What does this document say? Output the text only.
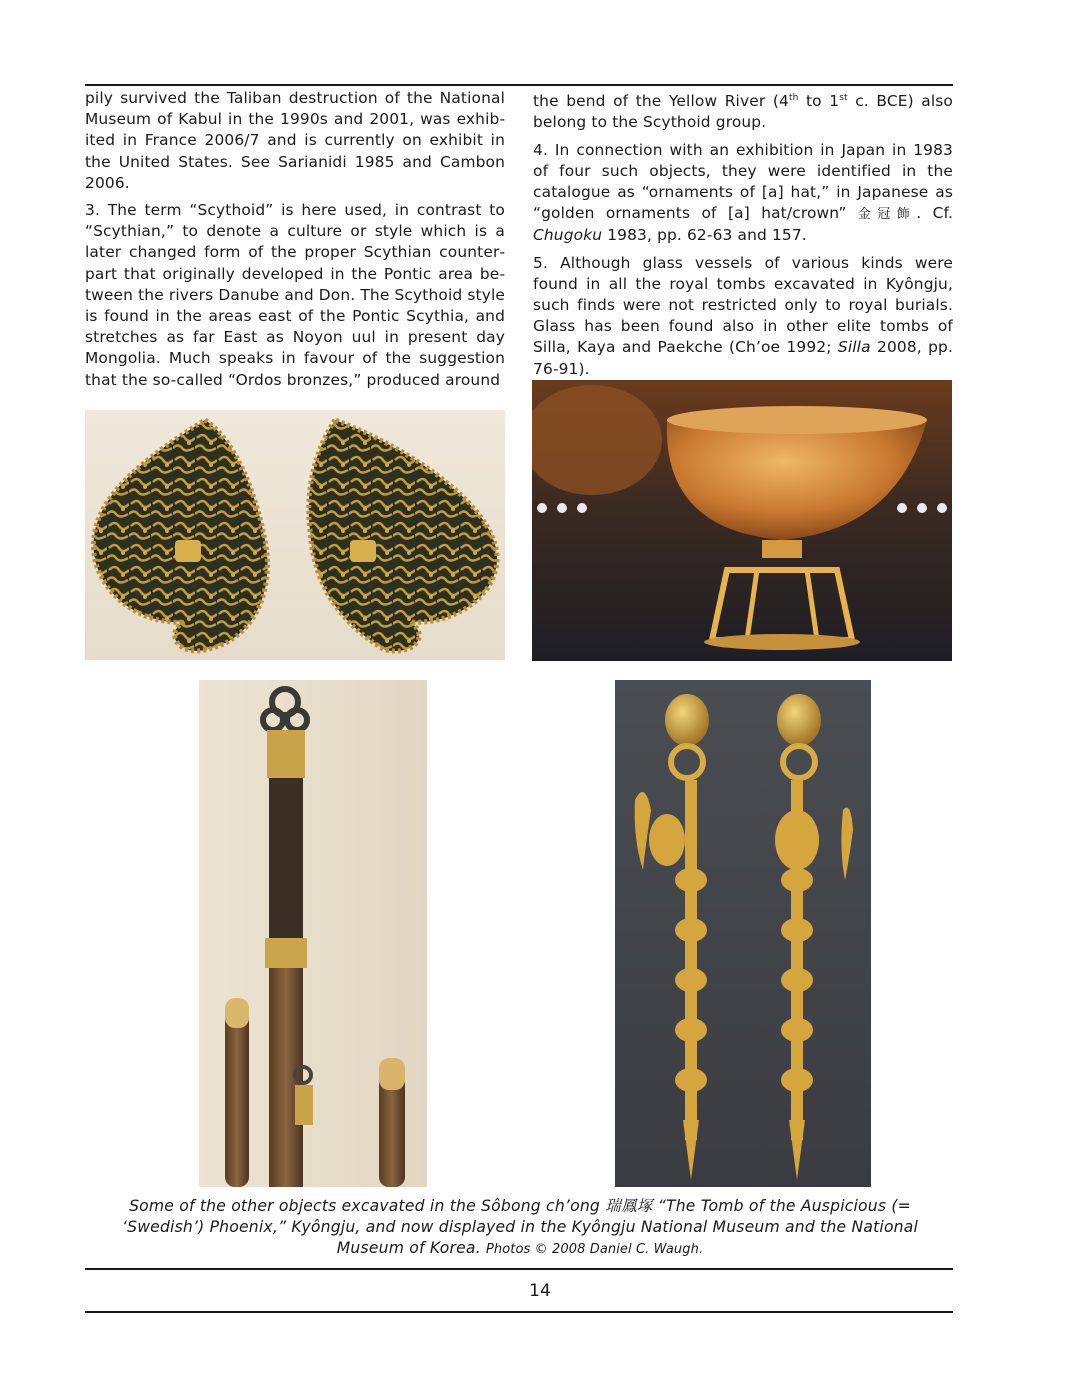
pily survived the Taliban destruction of the National Museum of Kabul in the 1990s and 2001, was exhibited in France 2006/7 and is currently on exhibit in the United States. See Sarianidi 1985 and Cambon 2006.

3. The term “Scythoid” is here used, in contrast to “Scythian,” to denote a culture or style which is a later changed form of the proper Scythian counterpart that originally developed in the Pontic area between the rivers Danube and Don. The Scythoid style is found in the areas east of the Pontic Scythia, and stretches as far East as Noyon uul in present day Mongolia. Much speaks in favour of the suggestion that the so-called “Ordos bronzes,” produced around

the bend of the Yellow River (4th to 1st c. BCE) also belong to the Scythoid group.

4. In connection with an exhibition in Japan in 1983 of four such objects, they were identified in the catalogue as “ornaments of [a] hat,” in Japanese as “golden ornaments of [a] hat/crown” 金冠飾. Cf. Chugoku 1983, pp. 62-63 and 157.

5. Although glass vessels of various kinds were found in all the royal tombs excavated in Kyôngju, such finds were not restricted only to royal burials. Glass has been found also in other elite tombs of Silla, Kaya and Paekche (Ch’oe 1992; Silla 2008, pp. 76-91).

Some of the other objects excavated in the Sôbong ch’ong 瑞鳳塚 “The Tomb of the Auspicious (= ‘Swedish’) Phoenix,” Kyôngju, and now displayed in the Kyôngju National Museum and the National Museum of Korea. Photos © 2008 Daniel C. Waugh.
14
